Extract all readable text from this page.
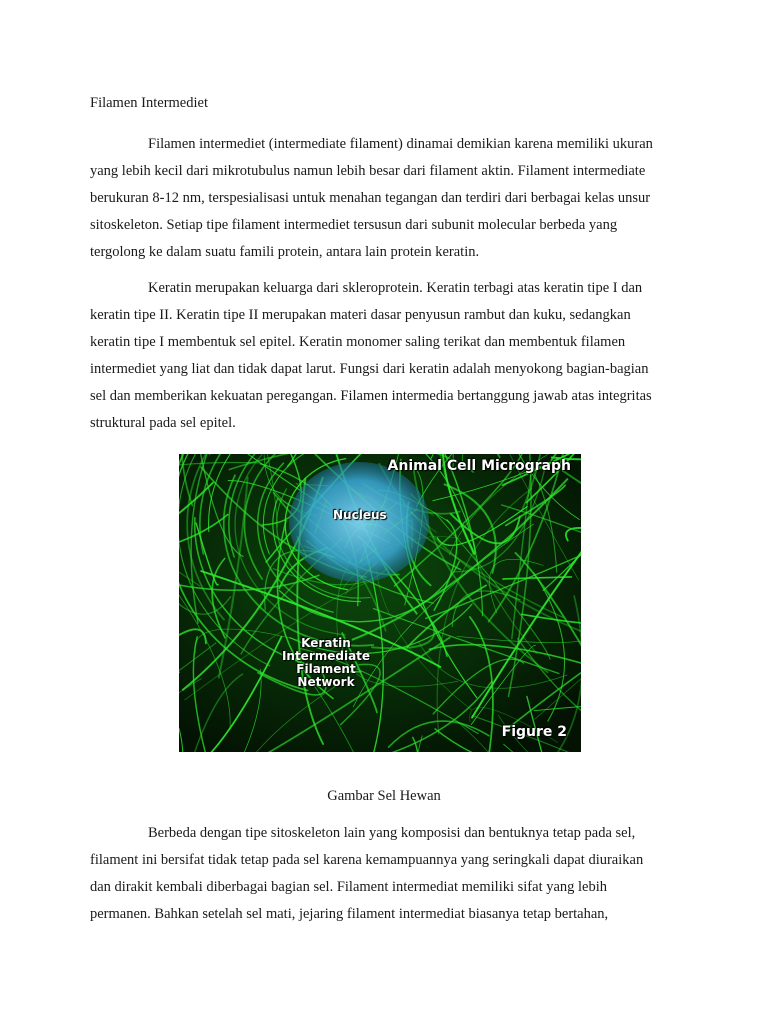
Filamen Intermediet

Filamen intermediet (intermediate filament) dinamai demikian karena memiliki ukuran
yang lebih kecil dari mikrotubulus namun lebih besar dari filament aktin. Filament intermediate
berukuran 8-12 nm, terspesialisasi untuk menahan tegangan dan terdiri dari berbagai kelas unsur
sitoskeleton. Setiap tipe filament intermediet tersusun dari subunit molecular berbeda yang
tergolong ke dalam suatu famili protein, antara lain protein keratin.

Keratin merupakan keluarga dari skleroprotein. Keratin terbagi atas keratin tipe I dan
keratin tipe II. Keratin tipe II merupakan materi dasar penyusun rambut dan kuku, sedangkan
keratin tipe I membentuk sel epitel. Keratin monomer saling terikat dan membentuk filamen
intermediet yang liat dan tidak dapat larut. Fungsi dari keratin adalah menyokong bagian-bagian
sel dan memberikan kekuatan peregangan. Filamen intermedia bertanggung jawab atas integritas
struktural pada sel epitel.

Animal Cell Micrograph

Nucleus

Keratin
Intermediate
Filament
Network

Figure 2

Gambar Sel Hewan

Berbeda dengan tipe sitoskeleton lain yang komposisi dan bentuknya tetap pada sel,
filament ini bersifat tidak tetap pada sel karena kemampuannya yang seringkali dapat diuraikan
dan dirakit kembali diberbagai bagian sel. Filament intermediat memiliki sifat yang lebih
permanen. Bahkan setelah sel mati, jejaring filament intermediat biasanya tetap bertahan,
